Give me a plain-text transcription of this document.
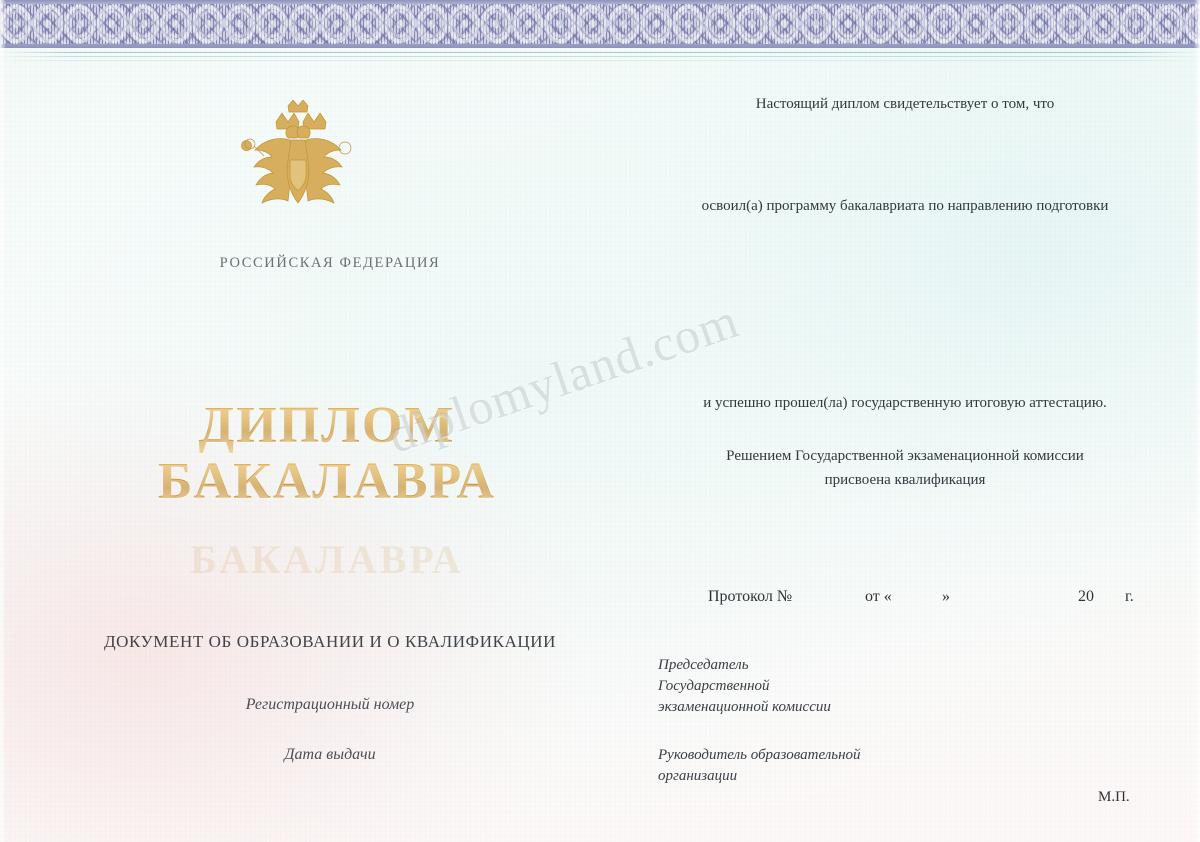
РОССИЙСКАЯ ФЕДЕРАЦИЯ
ДИПЛОМ
БАКАЛАВРА
БАКАЛАВРА
ДОКУМЕНТ ОБ ОБРАЗОВАНИИ И О КВАЛИФИКАЦИИ
Регистрационный номер
Дата выдачи
Настоящий диплом свидетельствует о том, что
освоил(а) программу бакалавриата по направлению подготовки
и успешно прошел(ла) государственную итоговую аттестацию.
Решением Государственной экзаменационной комиссии
присвоена квалификация
Протокол №	от «	»	20 г.
Председатель
Государственной
экзаменационной комиссии
Руководитель образовательной
организации
М.П.
diplomyland.com
